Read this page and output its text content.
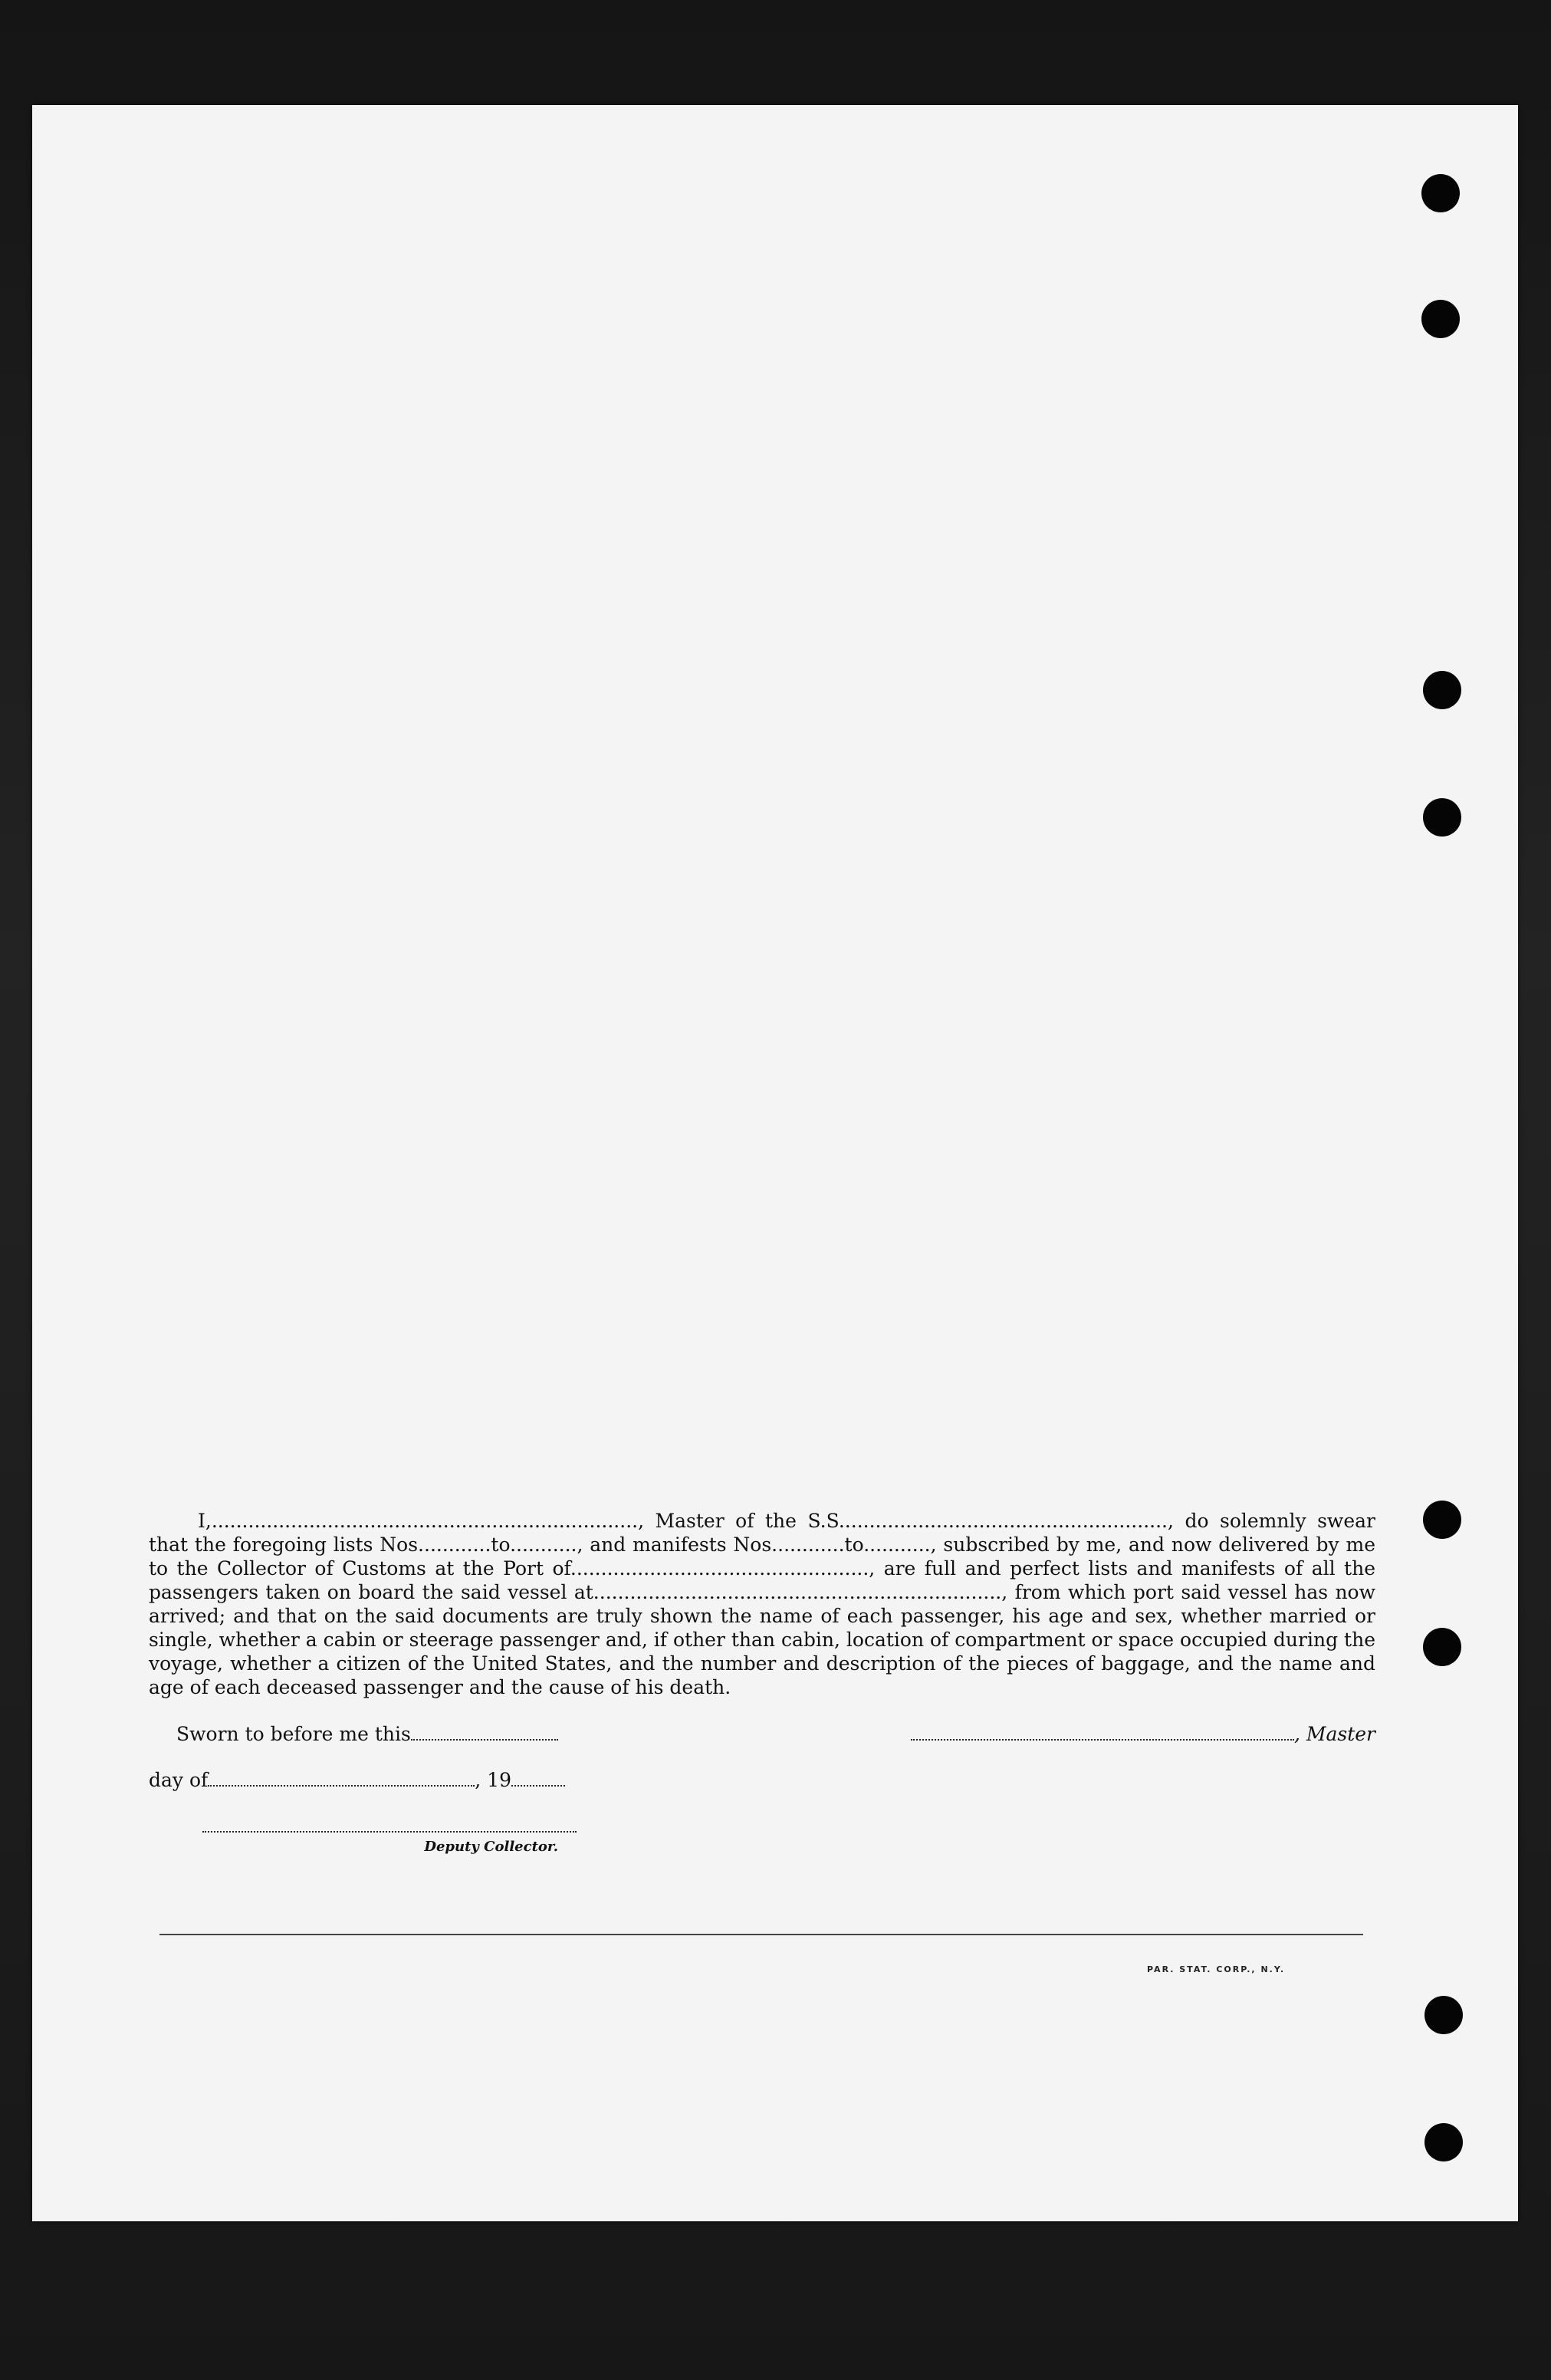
I,......................................................................, Master of the S.S......................................................, do solemnly swear that the foregoing lists Nos............to..........., and manifests Nos............to..........., subscribed by me, and now delivered by me to the Collector of Customs at the Port of................................................., are full and perfect lists and manifests of all the passengers taken on board the said vessel at..................................................................., from which port said vessel has now arrived; and that on the said documents are truly shown the name of each passenger, his age and sex, whether married or single, whether a cabin or steerage passenger and, if other than cabin, location of compartment or space occupied during the voyage, whether a citizen of the United States, and the number and description of the pieces of baggage, and the name and age of each deceased passenger and the cause of his death.

Sworn to before me this	, Master
day of	, 19
Deputy Collector.
PAR. STAT. CORP., N.Y.
